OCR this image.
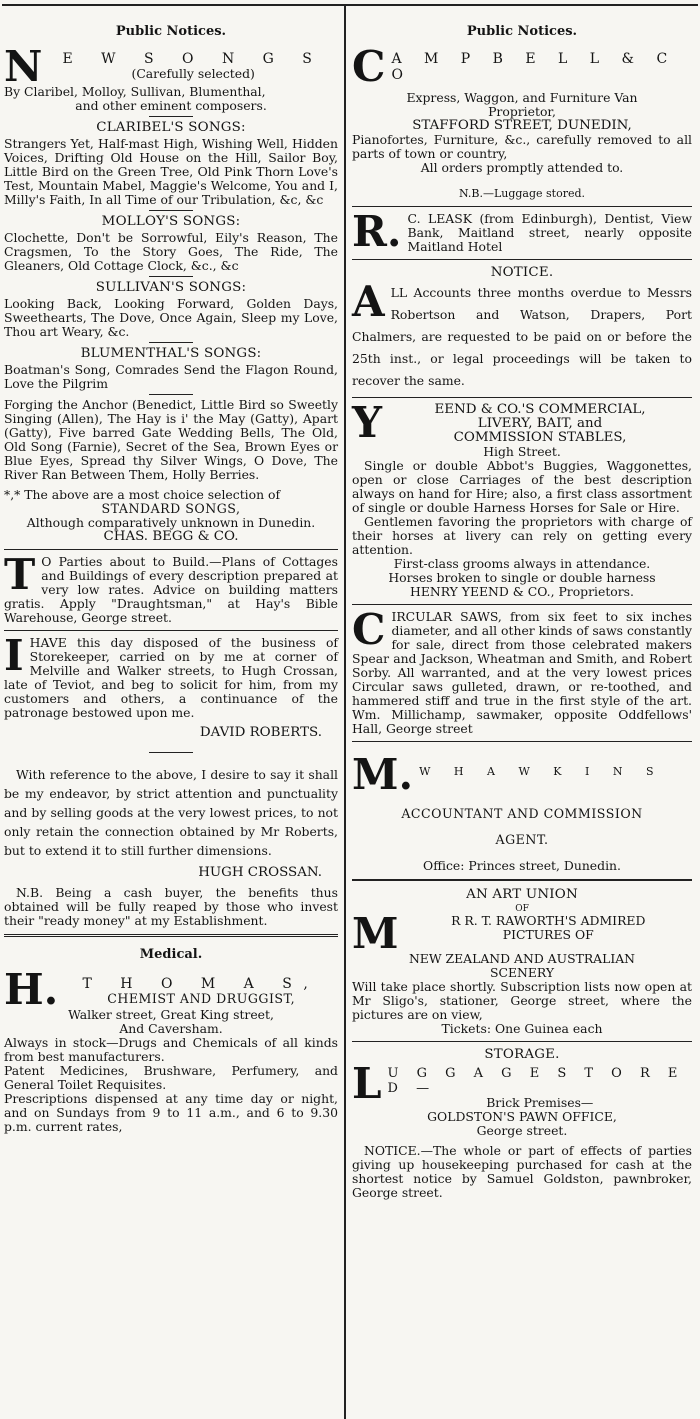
Public Notices.
N	E W S O N G S

(Carefully selected)

By Claribel, Molloy, Sullivan, Blumenthal,

and other eminent composers.

CLARIBEL'S SONGS:

Strangers Yet, Half-mast High, Wishing Well, Hidden Voices, Drifting Old House on the Hill, Sailor Boy, Little Bird on the Green Tree, Old Pink Thorn Love's Test, Mountain Mabel, Maggie's Welcome, You and I, Milly's Faith, In all Time of our Tribulation, &c, &c

MOLLOY'S SONGS:

Clochette, Don't be Sorrowful, Eily's Reason, The Cragsmen, To the Story Goes, The Ride, The Gleaners, Old Cottage Clock, &c., &c

SULLIVAN'S SONGS:

Looking Back, Looking Forward, Golden Days, Sweethearts, The Dove, Once Again, Sleep my Love, Thou art Weary, &c.

BLUMENTHAL'S SONGS:

Boatman's Song, Comrades Send the Flagon Round, Love the Pilgrim

Forging the Anchor (Benedict, Little Bird so Sweetly Singing (Allen), The Hay is i' the May (Gatty), Apart (Gatty), Five barred Gate Wedding Bells, The Old, Old Song (Farnie), Secret of the Sea, Brown Eyes or Blue Eyes, Spread thy Silver Wings, O Dove, The River Ran Between Them, Holly Berries.

*,* The above are a most choice selection of

STANDARD SONGS,

Although comparatively unknown in Dunedin.

CHAS. BEGG & CO.

T O Parties about to Build.—Plans of Cottages and Buildings of every description prepared at very low rates. Advice on building matters gratis. Apply "Draughtsman," at Hay's Bible Warehouse, George street.

I HAVE this day disposed of the business of Storekeeper, carried on by me at corner of Melville and Walker streets, to Hugh Crossan, late of Teviot, and beg to solicit for him, from my customers and others, a continuance of the patronage bestowed upon me.

DAVID ROBERTS.

With reference to the above, I desire to say it shall be my endeavor, by strict attention and punctuality and by selling goods at the very lowest prices, to not only retain the connection obtained by Mr Roberts, but to extend it to still further dimensions.

HUGH CROSSAN.

N.B. Being a cash buyer, the benefits thus obtained will be fully reaped by those who invest their "ready money" at my Establishment.

Medical.
H.	T H O M A S,

CHEMIST AND DRUGGIST,

Walker street, Great King street,

And Caversham.

Always in stock—Drugs and Chemicals of all kinds from best manufacturers.

Patent Medicines, Brushware, Perfumery, and General Toilet Requisites.

Prescriptions dispensed at any time day or night, and on Sundays from 9 to 11 a.m., and 6 to 9.30 p.m. current rates,

Public Notices.
C A M P B E L L & C O

Express, Waggon, and Furniture Van

Proprietor,

STAFFORD STREET, DUNEDIN,

Pianofortes, Furniture, &c., carefully removed to all parts of town or country,

All orders promptly attended to.

N.B.—Luggage stored.

R. C. LEASK (from Edinburgh), Dentist, View Bank, Maitland street, nearly opposite Maitland Hotel

NOTICE.
A LL Accounts three months overdue to Messrs Robertson and Watson, Drapers, Port Chalmers, are requested to be paid on or before the 25th inst., or legal proceedings will be taken to recover the same.

Y	EEND & CO.'S COMMERCIAL,

LIVERY, BAIT, and

COMMISSION STABLES,

High Street.

Single or double Abbot's Buggies, Waggonettes, open or close Carriages of the best description always on hand for Hire; also, a first class assortment of single or double Harness Horses for Sale or Hire.

Gentlemen favoring the proprietors with charge of their horses at livery can rely on getting every attention.

First-class grooms always in attendance.

Horses broken to single or double harness

HENRY YEEND & CO., Proprietors.

C IRCULAR SAWS, from six feet to six inches diameter, and all other kinds of saws constantly for sale, direct from those celebrated makers Spear and Jackson, Wheatman and Smith, and Robert Sorby. All warranted, and at the very lowest prices Circular saws gulleted, drawn, or re-toothed, and hammered stiff and true in the first style of the art. Wm. Millichamp, sawmaker, opposite Oddfellows' Hall, George street

M. W H A W K I N S

ACCOUNTANT AND COMMISSION

AGENT.

Office: Princes street, Dunedin.

AN ART UNION

OF

M	R R. T. RAWORTH'S ADMIRED

PICTURES OF

NEW ZEALAND AND AUSTRALIAN

SCENERY

Will take place shortly. Subscription lists now open at Mr Sligo's, stationer, George street, where the pictures are on view,

Tickets: One Guinea each

STORAGE.
L U G G A G E S T O R E D —

Brick Premises—

GOLDSTON'S PAWN OFFICE,

George street.

NOTICE.—The whole or part of effects of parties giving up housekeeping purchased for cash at the shortest notice by Samuel Goldston, pawnbroker, George street.
